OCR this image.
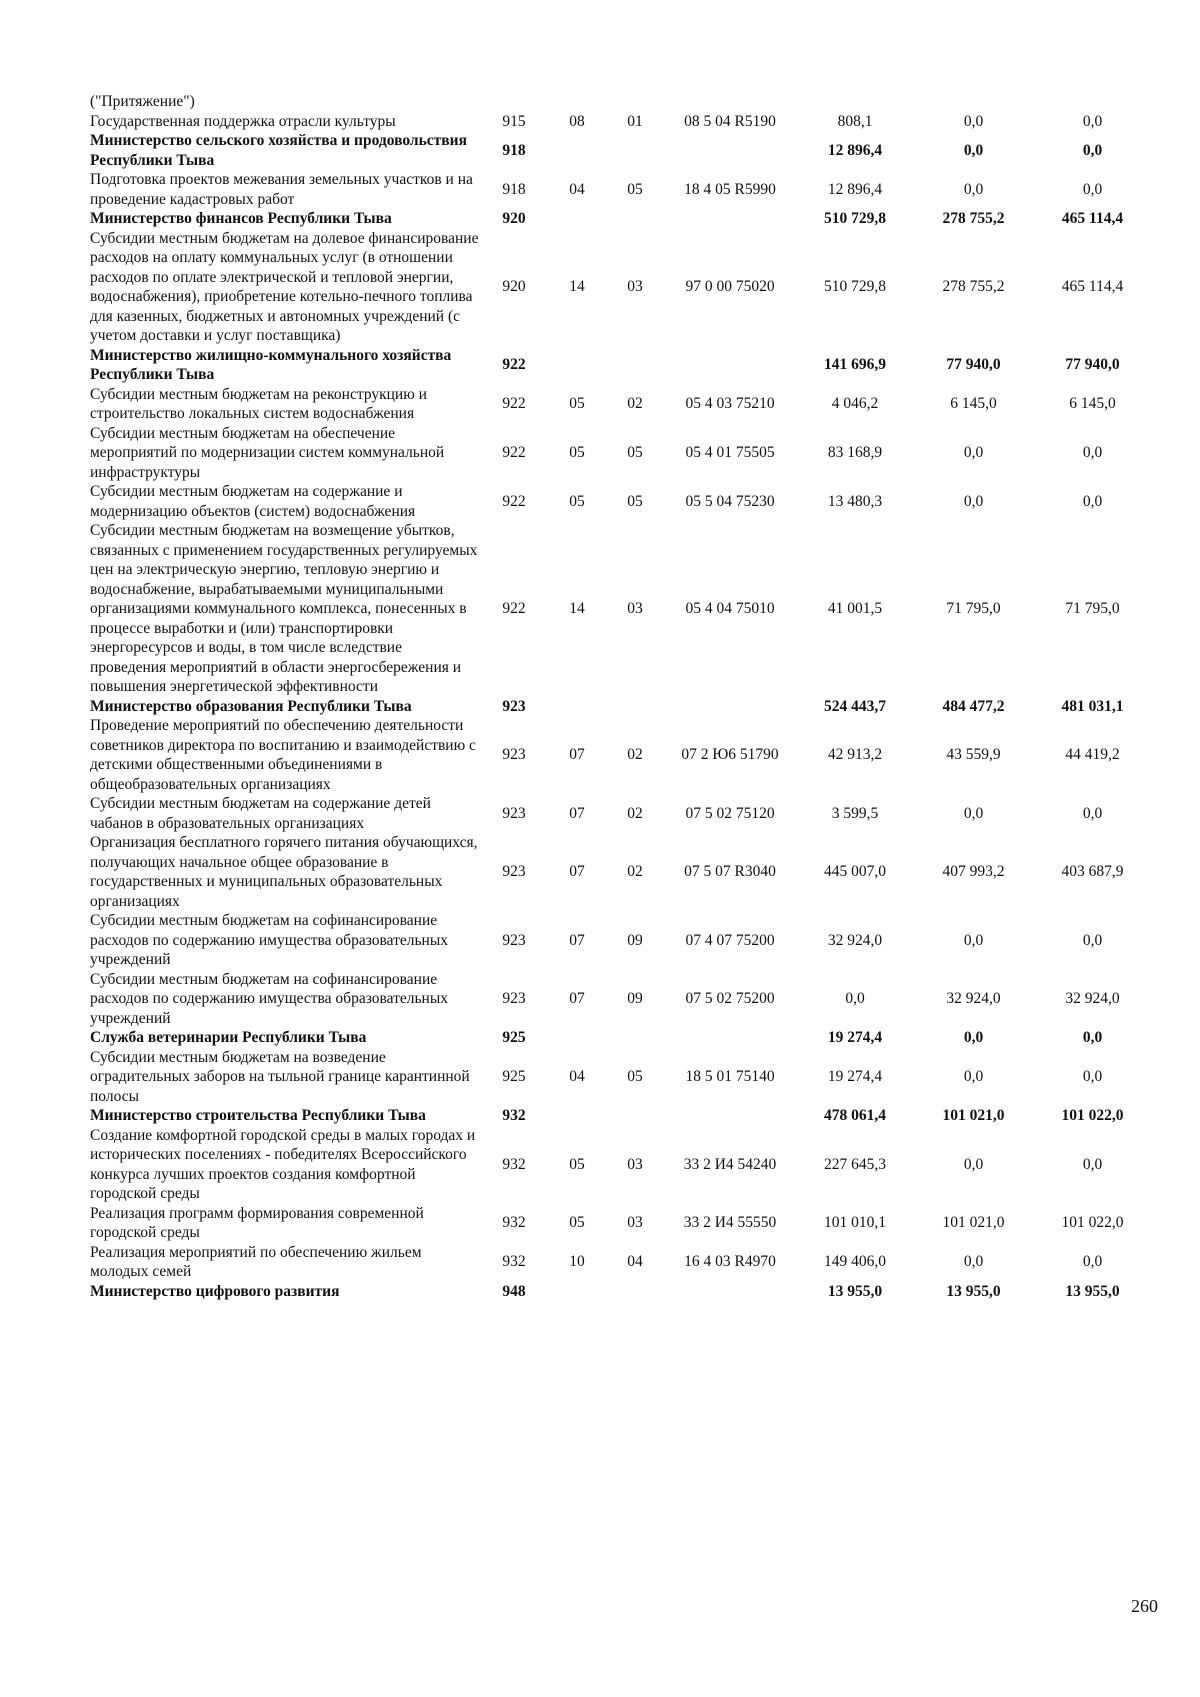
("Притяжение")							
Государственная поддержка отрасли культуры	915	08	01	08 5 04 R5190	808,1	0,0	0,0
Министерство сельского хозяйства и продовольствия Республики Тыва	918				12 896,4	0,0	0,0
Подготовка проектов межевания земельных участков и на проведение кадастровых работ	918	04	05	18 4 05 R5990	12 896,4	0,0	0,0
Министерство финансов Республики Тыва	920				510 729,8	278 755,2	465 114,4
Субсидии местным бюджетам на долевое финансирование расходов на оплату коммунальных услуг (в отношении расходов по оплате электрической и тепловой энергии, водоснабжения), приобретение котельно-печного топлива для казенных, бюджетных и автономных учреждений (с учетом доставки и услуг поставщика)	920	14	03	97 0 00 75020	510 729,8	278 755,2	465 114,4
Министерство жилищно-коммунального хозяйства Республики Тыва	922				141 696,9	77 940,0	77 940,0
Субсидии местным бюджетам на реконструкцию и строительство локальных систем водоснабжения	922	05	02	05 4 03 75210	4 046,2	6 145,0	6 145,0
Субсидии местным бюджетам на обеспечение мероприятий по модернизации систем коммунальной инфраструктуры	922	05	05	05 4 01 75505	83 168,9	0,0	0,0
Субсидии местным бюджетам на содержание и модернизацию объектов (систем) водоснабжения	922	05	05	05 5 04 75230	13 480,3	0,0	0,0
Субсидии местным бюджетам на возмещение убытков, связанных с применением государственных регулируемых цен на электрическую энергию, тепловую энергию и водоснабжение, вырабатываемыми муниципальными организациями коммунального комплекса, понесенных в процессе выработки и (или) транспортировки энергоресурсов и воды, в том числе вследствие проведения мероприятий в области энергосбережения и повышения энергетической эффективности	922	14	03	05 4 04 75010	41 001,5	71 795,0	71 795,0
Министерство образования Республики Тыва	923				524 443,7	484 477,2	481 031,1
Проведение мероприятий по обеспечению деятельности советников директора по воспитанию и взаимодействию с детскими общественными объединениями в общеобразовательных организациях	923	07	02	07 2 Ю6 51790	42 913,2	43 559,9	44 419,2
Субсидии местным бюджетам на содержание детей чабанов в образовательных организациях	923	07	02	07 5 02 75120	3 599,5	0,0	0,0
Организация бесплатного горячего питания обучающихся, получающих начальное общее образование в государственных и муниципальных образовательных организациях	923	07	02	07 5 07 R3040	445 007,0	407 993,2	403 687,9
Субсидии местным бюджетам на софинансирование расходов по содержанию имущества образовательных учреждений	923	07	09	07 4 07 75200	32 924,0	0,0	0,0
Субсидии местным бюджетам на софинансирование расходов по содержанию имущества образовательных учреждений	923	07	09	07 5 02 75200	0,0	32 924,0	32 924,0
Служба ветеринарии Республики Тыва	925				19 274,4	0,0	0,0
Субсидии местным бюджетам на возведение оградительных заборов на тыльной границе карантинной полосы	925	04	05	18 5 01 75140	19 274,4	0,0	0,0
Министерство строительства Республики Тыва	932				478 061,4	101 021,0	101 022,0
Создание комфортной городской среды в малых городах и исторических поселениях - победителях Всероссийского конкурса лучших проектов создания комфортной городской среды	932	05	03	33 2 И4 54240	227 645,3	0,0	0,0
Реализация программ формирования современной городской среды	932	05	03	33 2 И4 55550	101 010,1	101 021,0	101 022,0
Реализация мероприятий по обеспечению жильем молодых семей	932	10	04	16 4 03 R4970	149 406,0	0,0	0,0
Министерство цифрового развития	948				13 955,0	13 955,0	13 955,0
260
